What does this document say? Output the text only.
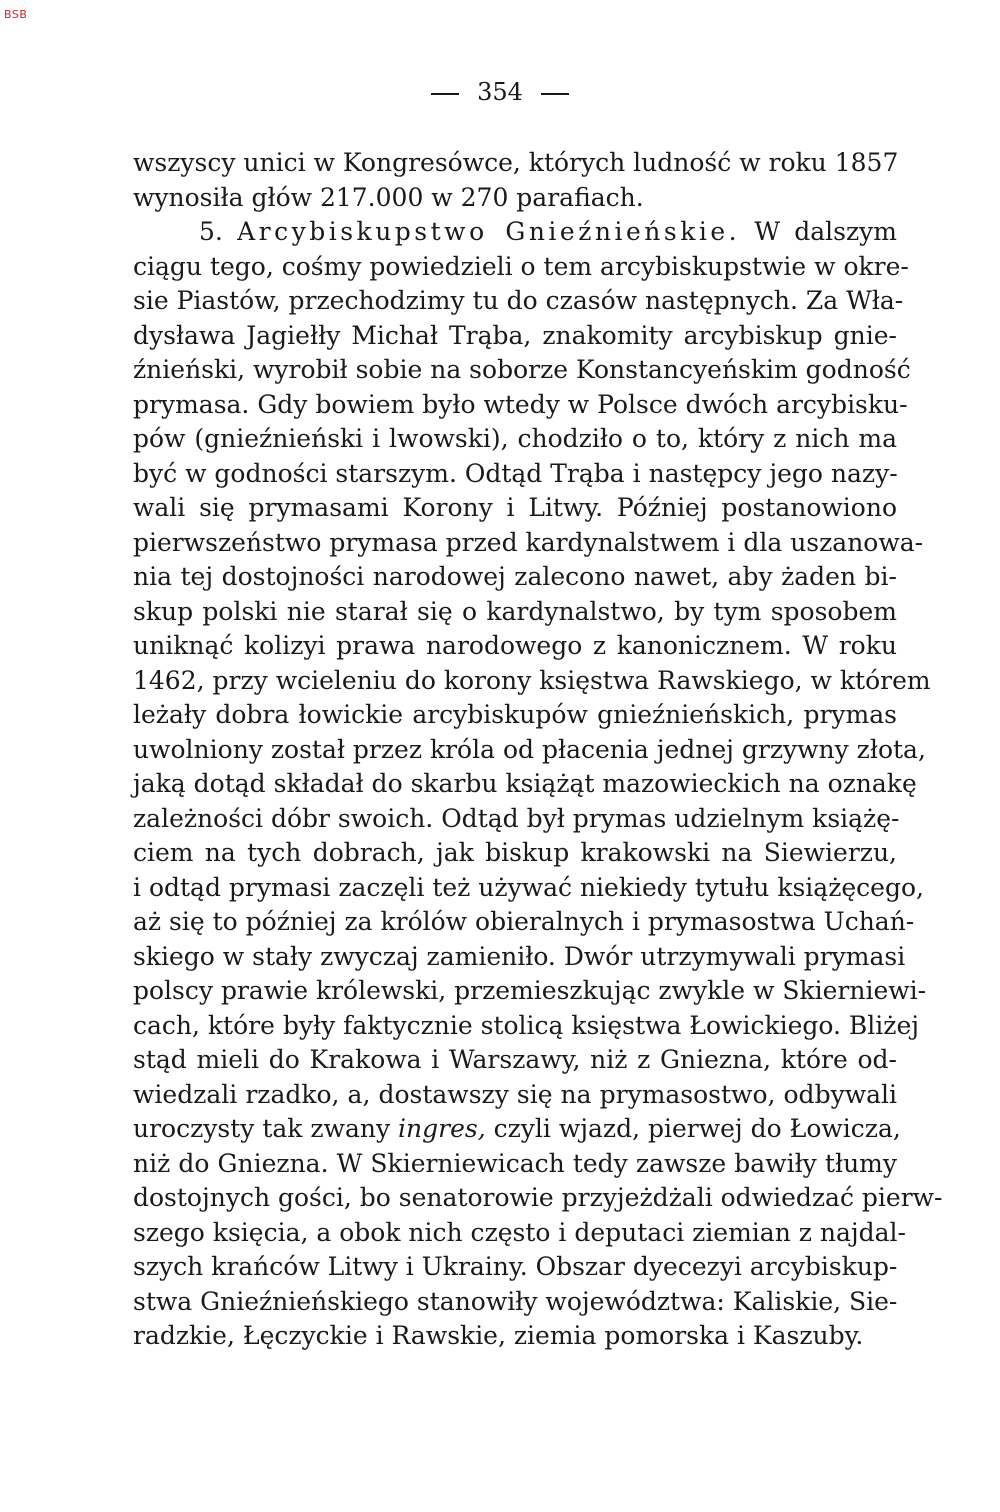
BSB
354
wszyscy unici w Kongresówce, których ludność w roku 1857
wynosiła głów 217.000 w 270 parafiach.
5. Arcybiskupstwo Gnieźnieńskie. W dalszym
ciągu tego, cośmy powiedzieli o tem arcybiskupstwie w okre-
sie Piastów, przechodzimy tu do czasów następnych. Za Wła-
dysława Jagiełły Michał Trąba, znakomity arcybiskup gnie-
źnieński, wyrobił sobie na soborze Konstancyeńskim godność
prymasa. Gdy bowiem było wtedy w Polsce dwóch arcybisku-
pów (gnieźnieński i lwowski), chodziło o to, który z nich ma
być w godności starszym. Odtąd Trąba i następcy jego nazy-
wali się prymasami Korony i Litwy. Później postanowiono
pierwszeństwo prymasa przed kardynalstwem i dla uszanowa-
nia tej dostojności narodowej zalecono nawet, aby żaden bi-
skup polski nie starał się o kardynalstwo, by tym sposobem
uniknąć kolizyi prawa narodowego z kanonicznem. W roku
1462, przy wcieleniu do korony księstwa Rawskiego, w którem
leżały dobra łowickie arcybiskupów gnieźnieńskich, prymas
uwolniony został przez króla od płacenia jednej grzywny złota,
jaką dotąd składał do skarbu książąt mazowieckich na oznakę
zależności dóbr swoich. Odtąd był prymas udzielnym książę-
ciem na tych dobrach, jak biskup krakowski na Siewierzu,
i odtąd prymasi zaczęli też używać niekiedy tytułu książęcego,
aż się to później za królów obieralnych i prymasostwa Uchań-
skiego w stały zwyczaj zamieniło. Dwór utrzymywali prymasi
polscy prawie królewski, przemieszkując zwykle w Skierniewi-
cach, które były faktycznie stolicą księstwa Łowickiego. Bliżej
stąd mieli do Krakowa i Warszawy, niż z Gniezna, które od-
wiedzali rzadko, a, dostawszy się na prymasostwo, odbywali
uroczysty tak zwany ingres, czyli wjazd, pierwej do Łowicza,
niż do Gniezna. W Skierniewicach tedy zawsze bawiły tłumy
dostojnych gości, bo senatorowie przyjeżdżali odwiedzać pierw-
szego księcia, a obok nich często i deputaci ziemian z najdal-
szych krańców Litwy i Ukrainy. Obszar dyecezyi arcybiskup-
stwa Gnieźnieńskiego stanowiły województwa: Kaliskie, Sie-
radzkie, Łęczyckie i Rawskie, ziemia pomorska i Kaszuby.
